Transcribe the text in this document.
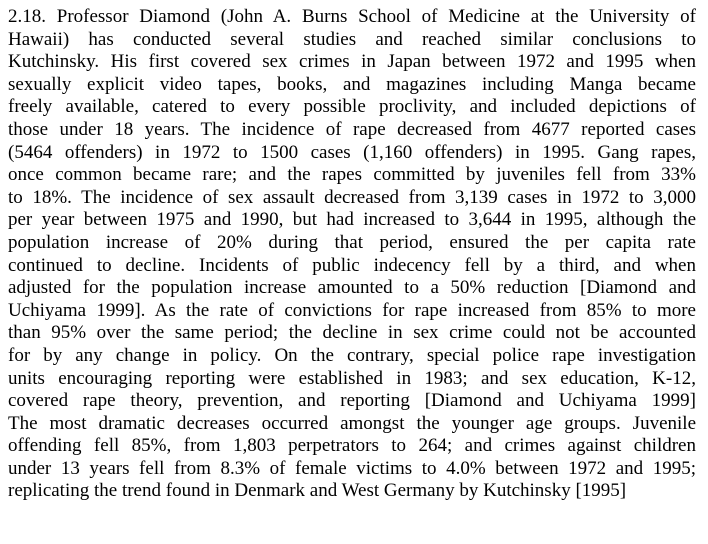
2.18. Professor Diamond (John A. Burns School of Medicine at the University of
Hawaii) has conducted several studies and reached similar conclusions to
Kutchinsky. His first covered sex crimes in Japan between 1972 and 1995 when
sexually explicit video tapes, books, and magazines including Manga became
freely available, catered to every possible proclivity, and included depictions of
those under 18 years. The incidence of rape decreased from 4677 reported cases
(5464 offenders) in 1972 to 1500 cases (1,160 offenders) in 1995. Gang rapes,
once common became rare; and the rapes committed by juveniles fell from 33%
to 18%. The incidence of sex assault decreased from 3,139 cases in 1972 to 3,000
per year between 1975 and 1990, but had increased to 3,644 in 1995, although the
population increase of 20% during that period, ensured the per capita rate
continued to decline. Incidents of public indecency fell by a third, and when
adjusted for the population increase amounted to a 50% reduction [Diamond and
Uchiyama 1999]. As the rate of convictions for rape increased from 85% to more
than 95% over the same period; the decline in sex crime could not be accounted
for by any change in policy. On the contrary, special police rape investigation
units encouraging reporting were established in 1983; and sex education, K-12,
covered rape theory, prevention, and reporting [Diamond and Uchiyama 1999]
The most dramatic decreases occurred amongst the younger age groups. Juvenile
offending fell 85%, from 1,803 perpetrators to 264; and crimes against children
under 13 years fell from 8.3% of female victims to 4.0% between 1972 and 1995;
replicating the trend found in Denmark and West Germany by Kutchinsky [1995]
